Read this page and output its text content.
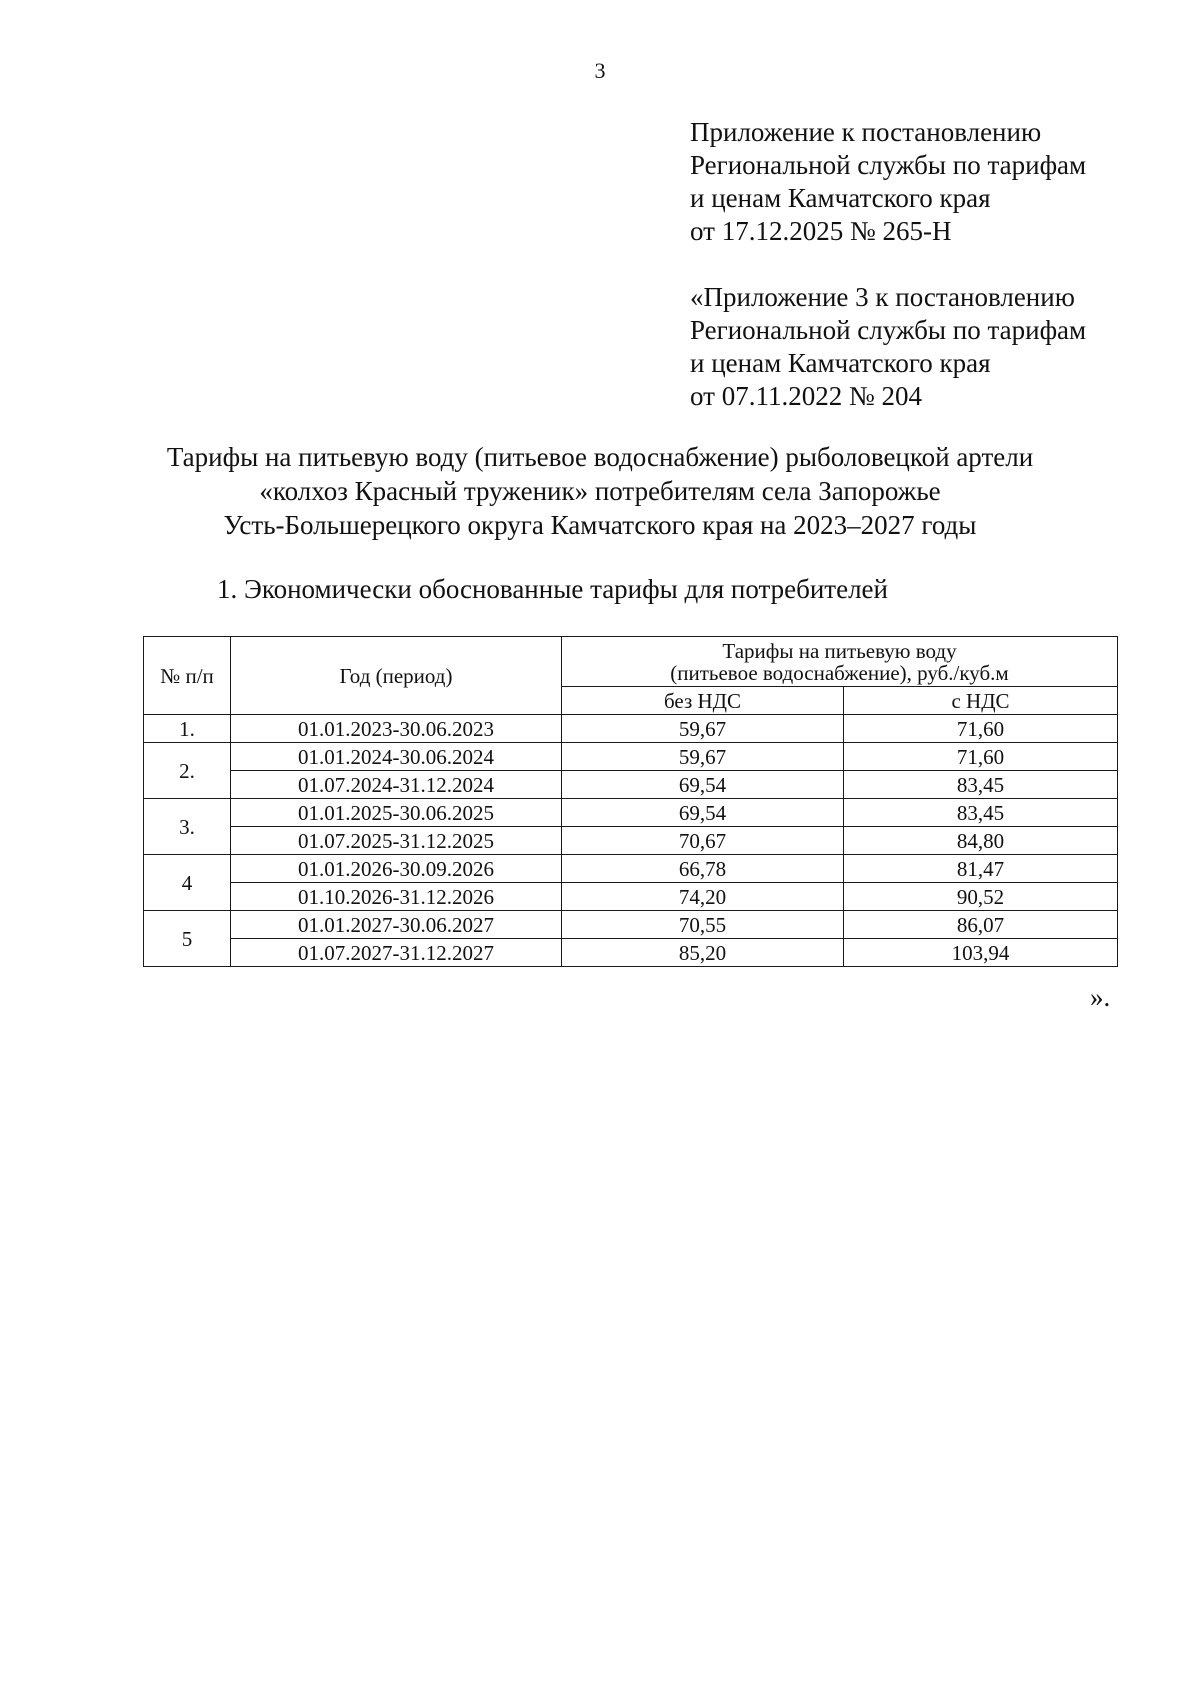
3
Приложение к постановлению
Региональной службы по тарифам
и ценам Камчатского края
от 17.12.2025 № 265-Н
«Приложение 3 к постановлению
Региональной службы по тарифам
и ценам Камчатского края
от 07.11.2022 № 204
Тарифы на питьевую воду (питьевое водоснабжение) рыболовецкой артели
«колхоз Красный труженик» потребителям села Запорожье
Усть-Большерецкого округа Камчатского края на 2023–2027 годы
1. Экономически обоснованные тарифы для потребителей
№ п/п	Год (период)	Тарифы на питьевую воду
(питьевое водоснабжение), руб./куб.м	

		без НДС	с НДС
1.	01.01.2023-30.06.2023	59,67	71,60
2.	01.01.2024-30.06.2024	59,67	71,60
	01.07.2024-31.12.2024	69,54	83,45
3.	01.01.2025-30.06.2025	69,54	83,45
	01.07.2025-31.12.2025	70,67	84,80
4	01.01.2026-30.09.2026	66,78	81,47
	01.10.2026-31.12.2026	74,20	90,52
5	01.01.2027-30.06.2027	70,55	86,07
	01.07.2027-31.12.2027	85,20	103,94
».
